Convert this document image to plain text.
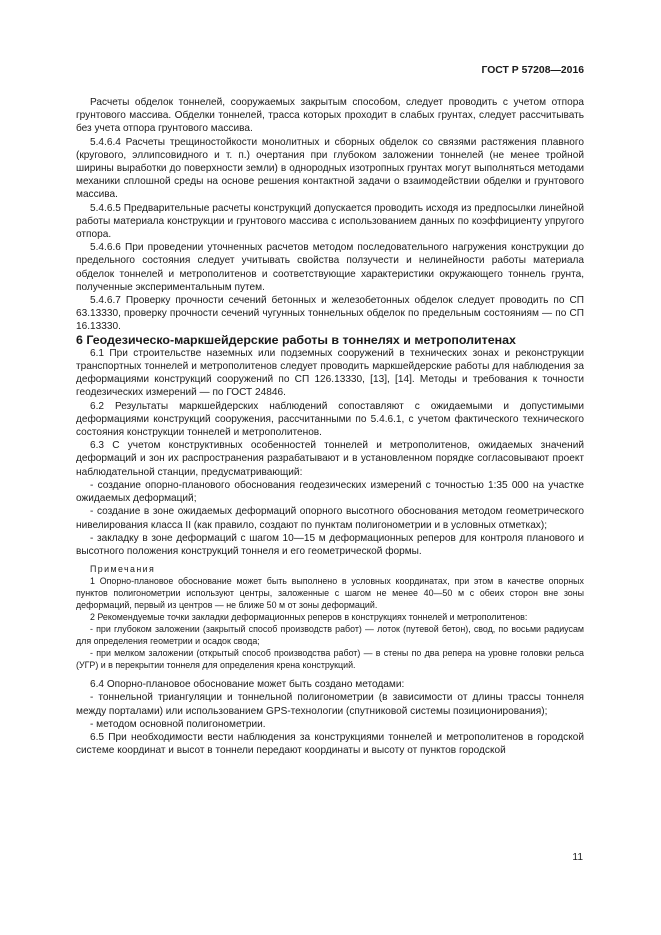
ГОСТ Р 57208—2016

Расчеты обделок тоннелей, сооружаемых закрытым способом, следует проводить с учетом отпора грунтового массива. Обделки тоннелей, трасса которых проходит в слабых грунтах, следует рассчитывать без учета отпора грунтового массива.

5.4.6.4 Расчеты трещиностойкости монолитных и сборных обделок со связями растяжения плавного (кругового, эллипсовидного и т. п.) очертания при глубоком заложении тоннелей (не менее тройной ширины выработки до поверхности земли) в однородных изотропных грунтах могут выполняться методами механики сплошной среды на основе решения контактной задачи о взаимодействии обделки и грунтового массива.

5.4.6.5 Предварительные расчеты конструкций допускается проводить исходя из предпосылки линейной работы материала конструкции и грунтового массива с использованием данных по коэффициенту упругого отпора.

5.4.6.6 При проведении уточненных расчетов методом последовательного нагружения конструкции до предельного состояния следует учитывать свойства ползучести и нелинейности работы материала обделок тоннелей и метрополитенов и соответствующие характеристики окружающего тоннель грунта, полученные экспериментальным путем.

5.4.6.7 Проверку прочности сечений бетонных и железобетонных обделок следует проводить по СП 63.13330, проверку прочности сечений чугунных тоннельных обделок по предельным состояниям — по СП 16.13330.

6 Геодезическо-маркшейдерские работы в тоннелях и метрополитенах

6.1 При строительстве наземных или подземных сооружений в технических зонах и реконструкции транспортных тоннелей и метрополитенов следует проводить маркшейдерские работы для наблюдения за деформациями конструкций сооружений по СП 126.13330, [13], [14]. Методы и требования к точности геодезических измерений — по ГОСТ 24846.

6.2 Результаты маркшейдерских наблюдений сопоставляют с ожидаемыми и допустимыми деформациями конструкций сооружения, рассчитанными по 5.4.6.1, с учетом фактического технического состояния конструкции тоннелей и метрополитенов.

6.3 С учетом конструктивных особенностей тоннелей и метрополитенов, ожидаемых значений деформаций и зон их распространения разрабатывают и в установленном порядке согласовывают проект наблюдательной станции, предусматривающий:

- создание опорно-планового обоснования геодезических измерений с точностью 1:35 000 на участке ожидаемых деформаций;

- создание в зоне ожидаемых деформаций опорного высотного обоснования методом геометрического нивелирования класса II (как правило, создают по пунктам полигонометрии и в условных отметках);

- закладку в зоне деформаций с шагом 10—15 м деформационных реперов для контроля планового и высотного положения конструкций тоннеля и его геометрической формы.

Примечания

1 Опорно-плановое обоснование может быть выполнено в условных координатах, при этом в качестве опорных пунктов полигонометрии используют центры, заложенные с шагом не менее 40—50 м с обеих сторон вне зоны деформаций, первый из центров — не ближе 50 м от зоны деформаций.

2 Рекомендуемые точки закладки деформационных реперов в конструкциях тоннелей и метрополитенов:

- при глубоком заложении (закрытый способ производств работ) — лоток (путевой бетон), свод, по восьми радиусам для определения геометрии и осадок свода;

- при мелком заложении (открытый способ производства работ) — в стены по два репера на уровне головки рельса (УГР) и в перекрытии тоннеля для определения крена конструкций.

6.4 Опорно-плановое обоснование может быть создано методами:

- тоннельной триангуляции и тоннельной полигонометрии (в зависимости от длины трассы тоннеля между порталами) или использованием GPS-технологии (спутниковой системы позиционирования);

- методом основной полигонометрии.

6.5 При необходимости вести наблюдения за конструкциями тоннелей и метрополитенов в городской системе координат и высот в тоннели передают координаты и высоту от пунктов городской

11
